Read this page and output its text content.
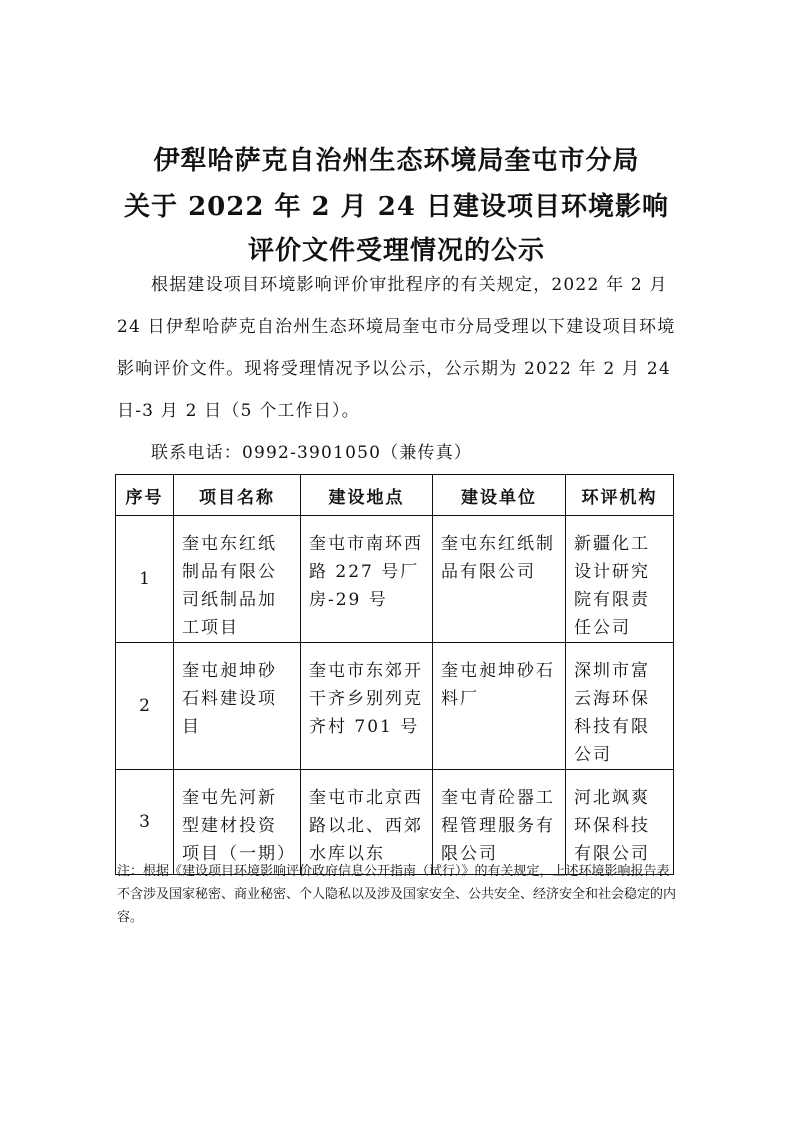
伊犁哈萨克自治州生态环境局奎屯市分局
关于 2022 年 2 月 24 日建设项目环境影响
评价文件受理情况的公示
根据建设项目环境影响评价审批程序的有关规定，2022 年 2 月 24 日伊犁哈萨克自治州生态环境局奎屯市分局受理以下建设项目环境影响评价文件。现将受理情况予以公示，公示期为 2022 年 2 月 24 日-3 月 2 日（5 个工作日）。
联系电话：0992-3901050（兼传真）
序号	项目名称	建设地点	建设单位	环评机构
1	奎屯东红纸制品有限公司纸制品加工项目	奎屯市南环西路 227 号厂房-29 号	奎屯东红纸制品有限公司	新疆化工设计研究院有限责任公司

2	奎屯昶坤砂石料建设项目	奎屯市东郊开干齐乡别列克齐村 701 号	奎屯昶坤砂石料厂	深圳市富云海环保科技有限公司

3	奎屯先河新型建材投资项目（一期）	奎屯市北京西路以北、西郊水库以东	奎屯青砼器工程管理服务有限公司	河北飒爽环保科技有限公司
注：根据《建设项目环境影响评价政府信息公开指南（试行）》的有关规定，上述环境影响报告表不含涉及国家秘密、商业秘密、个人隐私以及涉及国家安全、公共安全、经济安全和社会稳定的内容。
